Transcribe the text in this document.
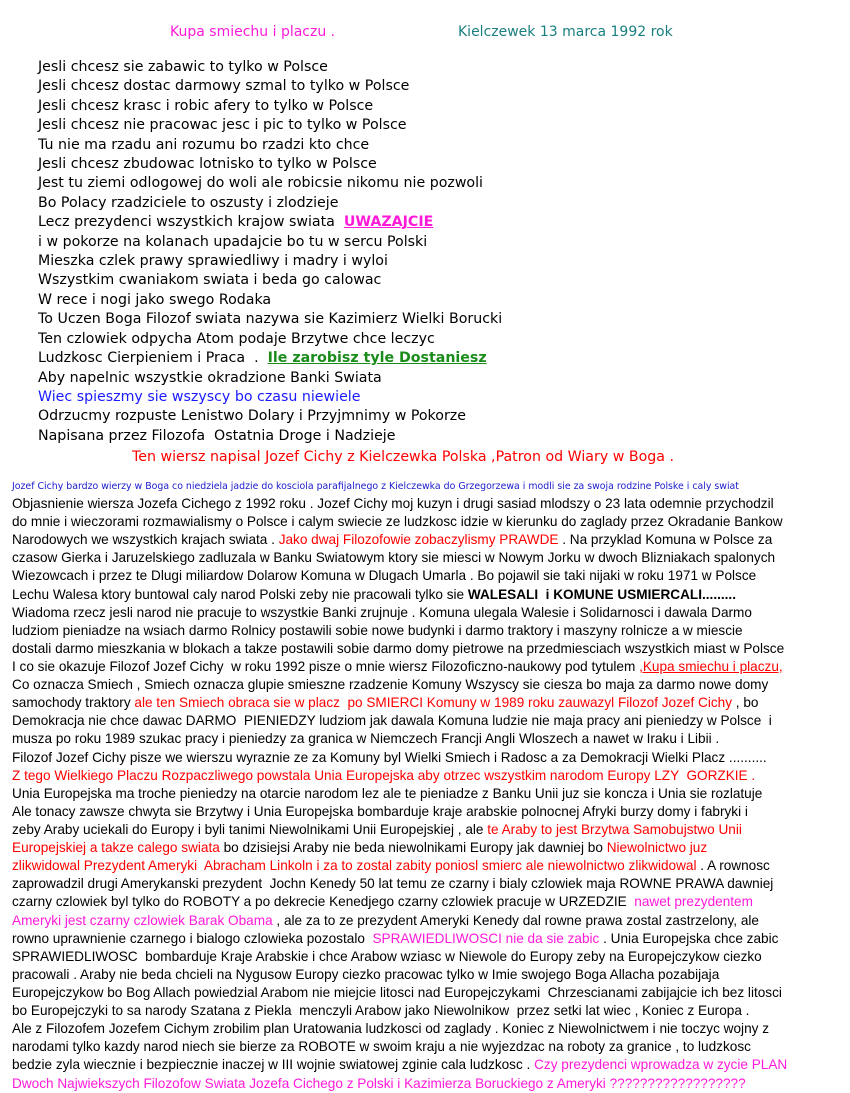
Kupa smiechu i placzu .	Kielczewek 13 marca 1992 rok
Jesli chcesz sie zabawic to tylko w Polsce
Jesli chcesz dostac darmowy szmal to tylko w Polsce
Jesli chcesz krasc i robic afery to tylko w Polsce
Jesli chcesz nie pracowac jesc i pic to tylko w Polsce
Tu nie ma rzadu ani rozumu bo rzadzi kto chce
Jesli chcesz zbudowac lotnisko to tylko w Polsce
Jest tu ziemi odlogowej do woli ale robicsie nikomu nie pozwoli
Bo Polacy rzadziciele to oszusty i zlodzieje
Lecz prezydenci wszystkich krajow swiata  UWAZAJCIE
i w pokorze na kolanach upadajcie bo tu w sercu Polski
Mieszka czlek prawy sprawiedliwy i madry i wyloi
Wszystkim cwaniakom swiata i beda go calowac
W rece i nogi jako swego Rodaka
To Uczen Boga Filozof swiata nazywa sie Kazimierz Wielki Borucki
Ten czlowiek odpycha Atom podaje Brzytwe chce leczyc
Ludzkosc Cierpieniem i Praca  .  Ile zarobisz tyle Dostaniesz
Aby napelnic wszystkie okradzione Banki Swiata
Wiec spieszmy sie wszyscy bo czasu niewiele
Odrzucmy rozpuste Lenistwo Dolary i Przyjmnimy w Pokorze
Napisana przez Filozofa  Ostatnia Droge i Nadzieje
Ten wiersz napisal Jozef Cichy z Kielczewka Polska ,Patron od Wiary w Boga .
Jozef Cichy bardzo wierzy w Boga co niedziela jadzie do kosciola parafijalnego z Kielczewka do Grzegorzewa i modli sie za swoja rodzine Polske i caly swiat
Objasnienie wiersza Jozefa Cichego z 1992 roku . Jozef Cichy moj kuzyn i drugi sasiad mlodszy o 23 lata odemnie przychodzil
do mnie i wieczorami rozmawialismy o Polsce i calym swiecie ze ludzkosc idzie w kierunku do zaglady przez Okradanie Bankow
Narodowych we wszystkich krajach swiata . Jako dwaj Filozofowie zobaczylismy PRAWDE . Na przyklad Komuna w Polsce za
czasow Gierka i Jaruzelskiego zadluzala w Banku Swiatowym ktory sie miesci w Nowym Jorku w dwoch Blizniakach spalonych
Wiezowcach i przez te Dlugi miliardow Dolarow Komuna w Dlugach Umarla . Bo pojawil sie taki nijaki w roku 1971 w Polsce
Lechu Walesa ktory buntowal caly narod Polski zeby nie pracowali tylko sie WALESALI  i KOMUNE USMIERCALI.........
Wiadoma rzecz jesli narod nie pracuje to wszystkie Banki zrujnuje . Komuna ulegala Walesie i Solidarnosci i dawala Darmo
ludziom pieniadze na wsiach darmo Rolnicy postawili sobie nowe budynki i darmo traktory i maszyny rolnicze a w miescie
dostali darmo mieszkania w blokach a takze postawili sobie darmo domy pietrowe na przedmiesciach wszystkich miast w Polsce
I co sie okazuje Filozof Jozef Cichy  w roku 1992 pisze o mnie wiersz Filozoficzno-naukowy pod tytulem ,Kupa smiechu i placzu,
Co oznacza Smiech , Smiech oznacza glupie smieszne rzadzenie Komuny Wszyscy sie ciesza bo maja za darmo nowe domy
samochody traktory ale ten Smiech obraca sie w placz  po SMIERCI Komuny w 1989 roku zauwazyl Filozof Jozef Cichy , bo
Demokracja nie chce dawac DARMO  PIENIEDZY ludziom jak dawala Komuna ludzie nie maja pracy ani pieniedzy w Polsce  i
musza po roku 1989 szukac pracy i pieniedzy za granica w Niemczech Francji Angli Wloszech a nawet w Iraku i Libii .
Filozof Jozef Cichy pisze we wierszu wyraznie ze za Komuny byl Wielki Smiech i Radosc a za Demokracji Wielki Placz ..........
Z tego Wielkiego Placzu Rozpaczliwego powstala Unia Europejska aby otrzec wszystkim narodom Europy LZY  GORZKIE .
Unia Europejska ma troche pieniedzy na otarcie narodom lez ale te pieniadze z Banku Unii juz sie koncza i Unia sie rozlatuje
Ale tonacy zawsze chwyta sie Brzytwy i Unia Europejska bombarduje kraje arabskie polnocnej Afryki burzy domy i fabryki i
zeby Araby uciekali do Europy i byli tanimi Niewolnikami Unii Europejskiej , ale te Araby to jest Brzytwa Samobujstwo Unii
Europejskiej a takze calego swiata bo dzisiejsi Araby nie beda niewolnikami Europy jak dawniej bo Niewolnictwo juz
zlikwidowal Prezydent Ameryki  Abracham Linkoln i za to zostal zabity poniosl smierc ale niewolnictwo zlikwidowal . A rownosc
zaprowadzil drugi Amerykanski prezydent  Jochn Kenedy 50 lat temu ze czarny i bialy czlowiek maja ROWNE PRAWA dawniej
czarny czlowiek byl tylko do ROBOTY a po dekrecie Kenedjego czarny czlowiek pracuje w URZEDZIE  nawet prezydentem
Ameryki jest czarny czlowiek Barak Obama , ale za to ze prezydent Ameryki Kenedy dal rowne prawa zostal zastrzelony, ale
rowno uprawnienie czarnego i bialogo czlowieka pozostalo  SPRAWIEDLIWOSCI nie da sie zabic . Unia Europejska chce zabic
SPRAWIEDLIWOSC  bombarduje Kraje Arabskie i chce Arabow wziasc w Niewole do Europy zeby na Europejczykow ciezko
pracowali . Araby nie beda chcieli na Nygusow Europy ciezko pracowac tylko w Imie swojego Boga Allacha pozabijaja
Europejczykow bo Bog Allach powiedzial Arabom nie miejcie litosci nad Europejczykami  Chrzescianami zabijajcie ich bez litosci
bo Europejczyki to sa narody Szatana z Piekla  menczyli Arabow jako Niewolnikow  przez setki lat wiec , Koniec z Europa .
Ale z Filozofem Jozefem Cichym zrobilim plan Uratowania ludzkosci od zaglady . Koniec z Niewolnictwem i nie toczyc wojny z
narodami tylko kazdy narod niech sie bierze za ROBOTE w swoim kraju a nie wyjezdzac na roboty za granice , to ludzkosc
bedzie zyla wiecznie i bezpiecznie inaczej w III wojnie swiatowej zginie cala ludzkosc . Czy prezydenci wprowadza w zycie PLAN
Dwoch Najwiekszych Filozofow Swiata Jozefa Cichego z Polski i Kazimierza Boruckiego z Ameryki ??????????????????
